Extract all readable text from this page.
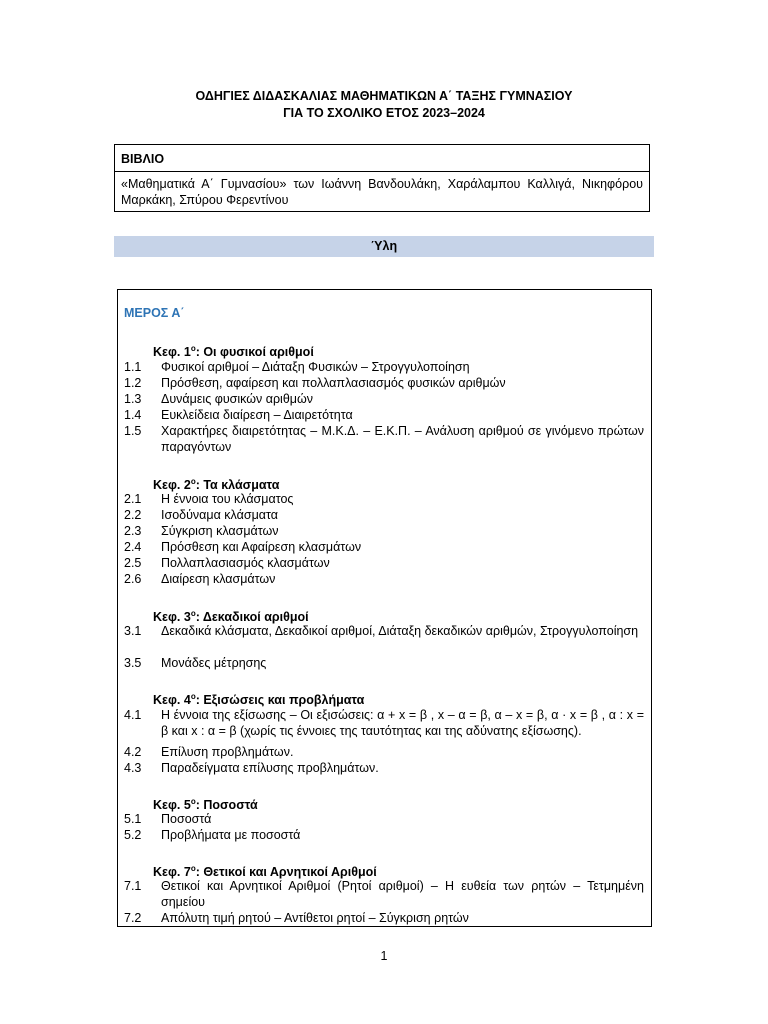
ΟΔΗΓΙΕΣ ΔΙΔΑΣΚΑΛΙΑΣ ΜΑΘΗΜΑΤΙΚΩΝ Α΄ ΤΑΞΗΣ ΓΥΜΝΑΣΙΟΥ
ΓΙΑ ΤΟ ΣΧΟΛΙΚΟ ΕΤΟΣ 2023–2024
ΒΙΒΛΙΟ
«Μαθηματικά Α΄ Γυμνασίου» των Ιωάννη Βανδουλάκη, Χαράλαμπου Καλλιγά, Νικηφόρου Μαρκάκη, Σπύρου Φερεντίνου
Ύλη
ΜΕΡΟΣ Α΄
Κεφ. $1^o$: Οι φυσικοί αριθμοί
1.1 Φυσικοί αριθμοί – Διάταξη Φυσικών – Στρογγυλοποίηση
1.2 Πρόσθεση, αφαίρεση και πολλαπλασιασμός φυσικών αριθμών
1.3 Δυνάμεις φυσικών αριθμών
1.4 Ευκλείδεια διαίρεση – Διαιρετότητα
1.5 Χαρακτήρες διαιρετότητας – Μ.Κ.Δ. – Ε.Κ.Π. – Ανάλυση αριθμού σε γινόμενο πρώτων παραγόντων
Κεφ. $2^o$: Τα κλάσματα
2.1 Η έννοια του κλάσματος
2.2 Ισοδύναμα κλάσματα
2.3 Σύγκριση κλασμάτων
2.4 Πρόσθεση και Αφαίρεση κλασμάτων
2.5 Πολλαπλασιασμός κλασμάτων
2.6 Διαίρεση κλασμάτων
Κεφ. $3^o$: Δεκαδικοί αριθμοί
3.1 Δεκαδικά κλάσματα, Δεκαδικοί αριθμοί, Διάταξη δεκαδικών αριθμών, Στρογγυλοποίηση
3.5 Μονάδες μέτρησης
Κεφ. $4^o$: Εξισώσεις και προβλήματα
4.1 Η έννοια της εξίσωσης – Οι εξισώσεις: α + x = β , x – α = β, α – x = β, α · x = β , α : x = β και x : α = β (χωρίς τις έννοιες της ταυτότητας και της αδύνατης εξίσωσης).
4.2 Επίλυση προβλημάτων.
4.3 Παραδείγματα επίλυσης προβλημάτων.
Κεφ. $5^o$: Ποσοστά
5.1 Ποσοστά
5.2 Προβλήματα με ποσοστά
Κεφ. $7^o$: Θετικοί και Αρνητικοί Αριθμοί
7.1 Θετικοί και Αρνητικοί Αριθμοί (Ρητοί αριθμοί) – Η ευθεία των ρητών – Τετμημένη σημείου
7.2 Απόλυτη τιμή ρητού – Αντίθετοι ρητοί – Σύγκριση ρητών
1
